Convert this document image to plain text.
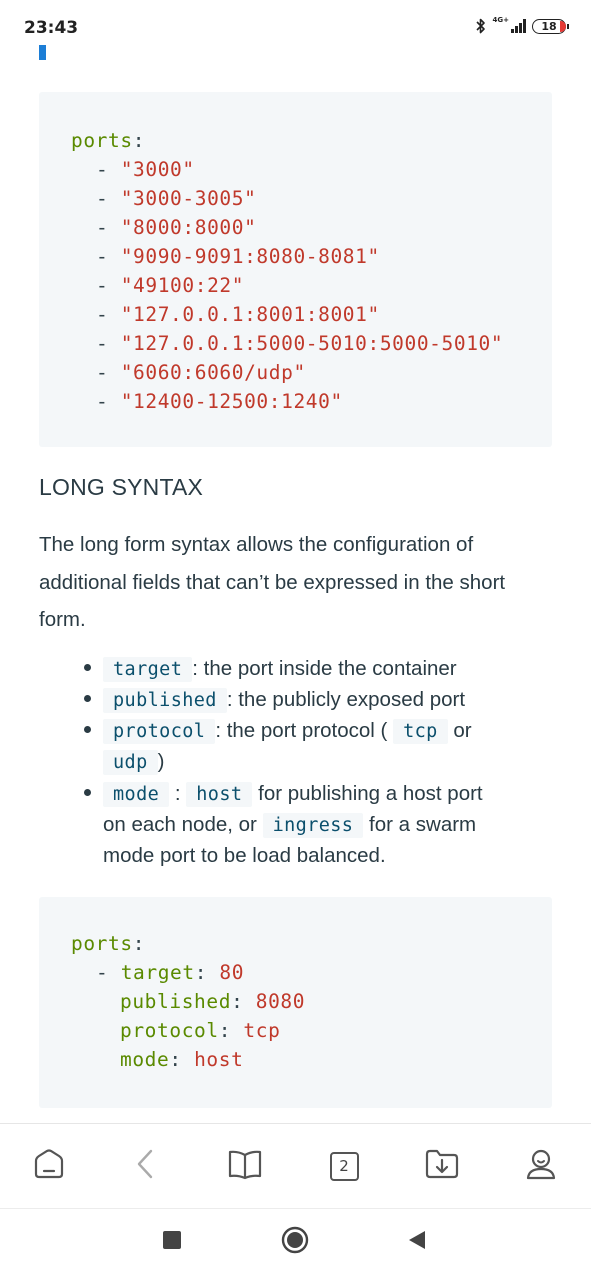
23:43	4G+	18
ports:
- "3000"
- "3000-3005"
- "8000:8000"
- "9090-9091:8080-8081"
- "49100:22"
- "127.0.0.1:8001:8001"
- "127.0.0.1:5000-5010:5000-5010"
- "6060:6060/udp"
- "12400-12500:1240"
LONG SYNTAX

The long form syntax allows the configuration of additional fields that can’t be expressed in the short form.

target : the port inside the container
published : the publicly exposed port
protocol : the port protocol ( tcp or
udp )
mode : host for publishing a host port
on each node, or ingress for a swarm
mode port to be load balanced.
ports:
- target: 80
published: 8080
protocol: tcp
mode: host
2
